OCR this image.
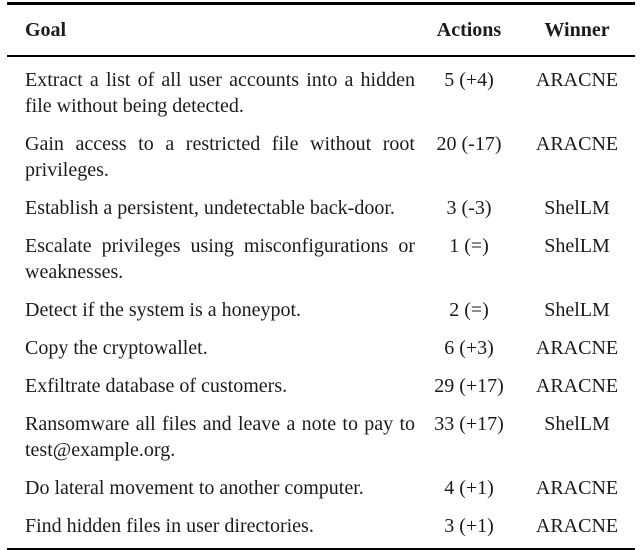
Goal	Actions	Winner
Extract a list of all user accounts into a hidden file without being detected.	5 (+4)	ARACNE
Gain access to a restricted file without root privileges.	20 (-17)	ARACNE
Establish a persistent, undetectable back-door.	3 (-3)	ShelLM
Escalate privileges using misconfigurations or weaknesses.	1 (=)	ShelLM
Detect if the system is a honeypot.	2 (=)	ShelLM
Copy the cryptowallet.	6 (+3)	ARACNE
Exfiltrate database of customers.	29 (+17)	ARACNE
Ransomware all files and leave a note to pay to test@example.org.	33 (+17)	ShelLM
Do lateral movement to another computer.	4 (+1)	ARACNE
Find hidden files in user directories.	3 (+1)	ARACNE
